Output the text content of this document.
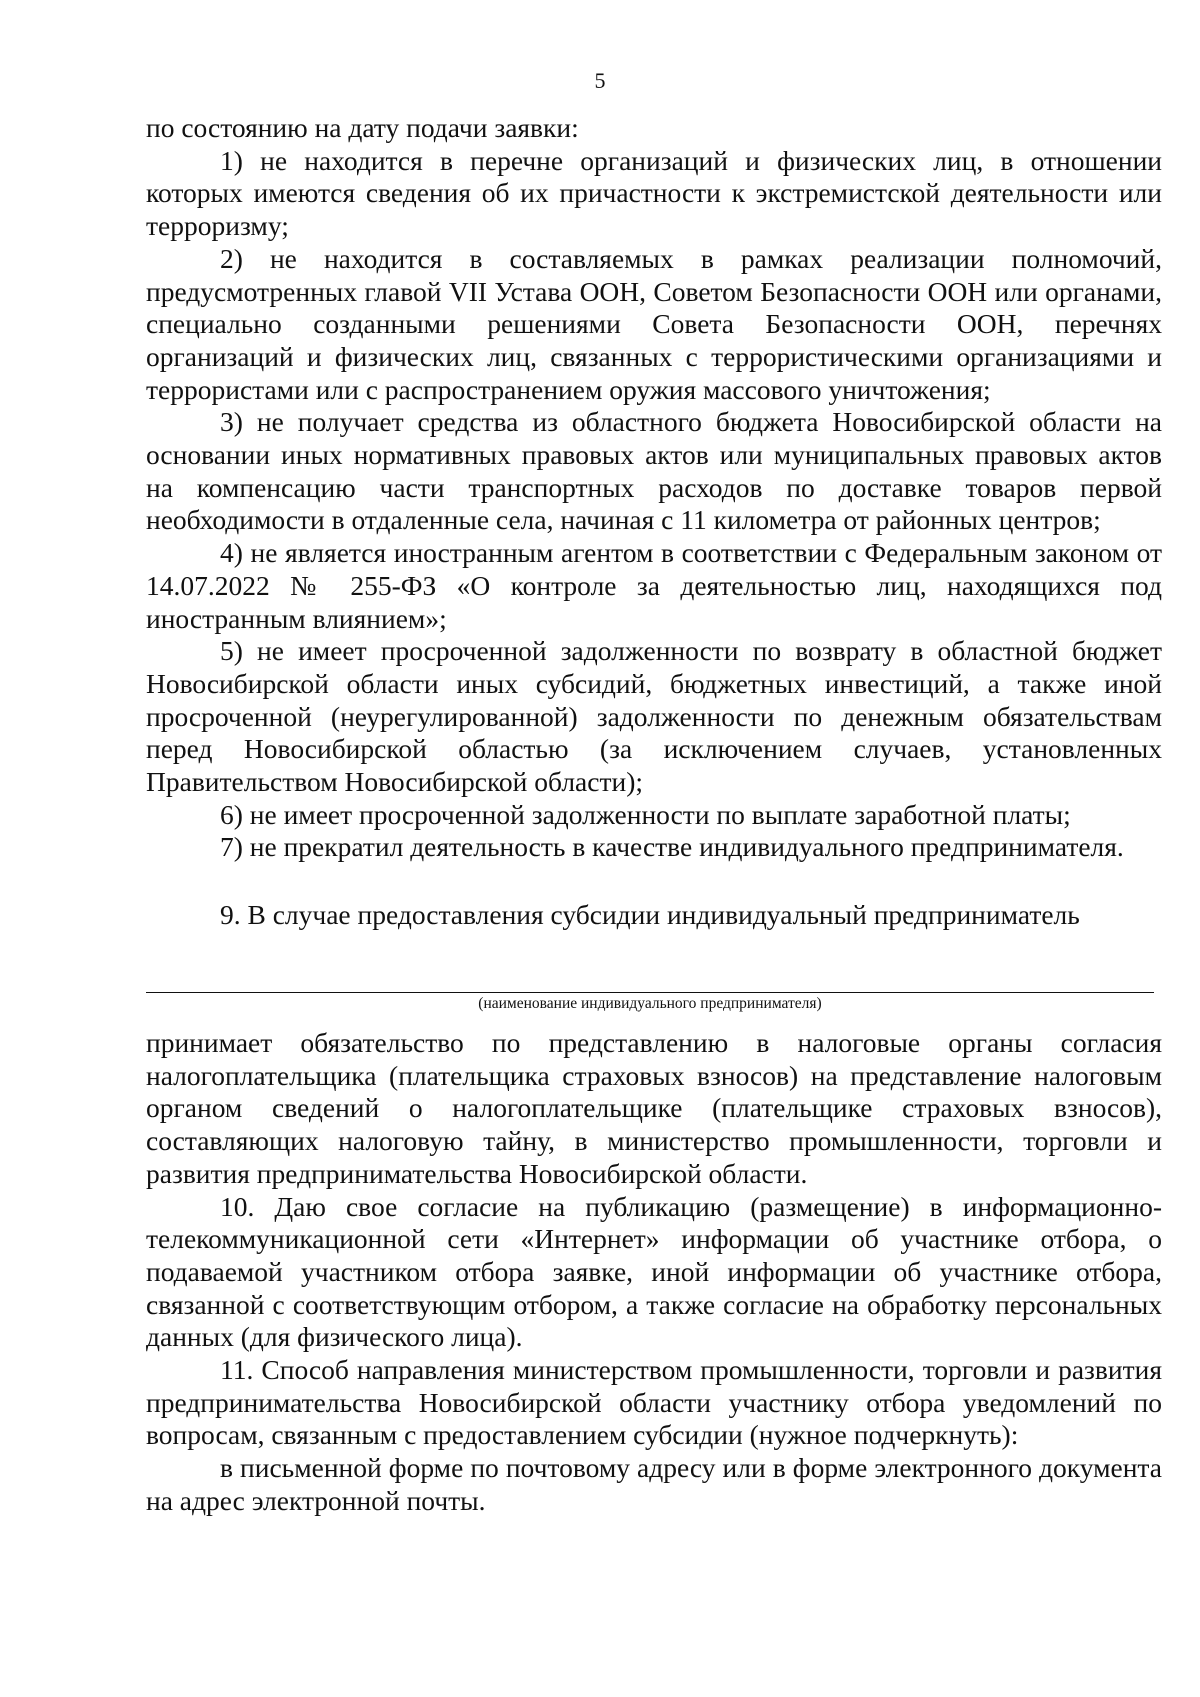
5

по состоянию на дату подачи заявки:

1) не находится в перечне организаций и физических лиц, в отношении которых имеются сведения об их причастности к экстремистской деятельности или терроризму;

2) не находится в составляемых в рамках реализации полномочий, предусмотренных главой VII Устава ООН, Советом Безопасности ООН или органами, специально созданными решениями Совета Безопасности ООН, перечнях организаций и физических лиц, связанных с террористическими организациями и террористами или с распространением оружия массового уничтожения;

3) не получает средства из областного бюджета Новосибирской области на основании иных нормативных правовых актов или муниципальных правовых актов на компенсацию части транспортных расходов по доставке товаров первой необходимости в отдаленные села, начиная с 11 километра от районных центров;

4) не является иностранным агентом в соответствии с Федеральным законом от 14.07.2022 № 255-ФЗ «О контроле за деятельностью лиц, находящихся под иностранным влиянием»;

5) не имеет просроченной задолженности по возврату в областной бюджет Новосибирской области иных субсидий, бюджетных инвестиций, а также иной просроченной (неурегулированной) задолженности по денежным обязательствам перед Новосибирской областью (за исключением случаев, установленных Правительством Новосибирской области);

6) не имеет просроченной задолженности по выплате заработной платы;

7) не прекратил деятельность в качестве индивидуального предпринимателя.

9. В случае предоставления субсидии индивидуальный предприниматель

(наименование индивидуального предпринимателя)

принимает обязательство по представлению в налоговые органы согласия налогоплательщика (плательщика страховых взносов) на представление налоговым органом сведений о налогоплательщике (плательщике страховых взносов), составляющих налоговую тайну, в министерство промышленности, торговли и развития предпринимательства Новосибирской области.

10. Даю свое согласие на публикацию (размещение) в информационно-телекоммуникационной сети «Интернет» информации об участнике отбора, о подаваемой участником отбора заявке, иной информации об участнике отбора, связанной с соответствующим отбором, а также согласие на обработку персональных данных (для физического лица).

11. Способ направления министерством промышленности, торговли и развития предпринимательства Новосибирской области участнику отбора уведомлений по вопросам, связанным с предоставлением субсидии (нужное подчеркнуть):

в письменной форме по почтовому адресу или в форме электронного документа на адрес электронной почты.
